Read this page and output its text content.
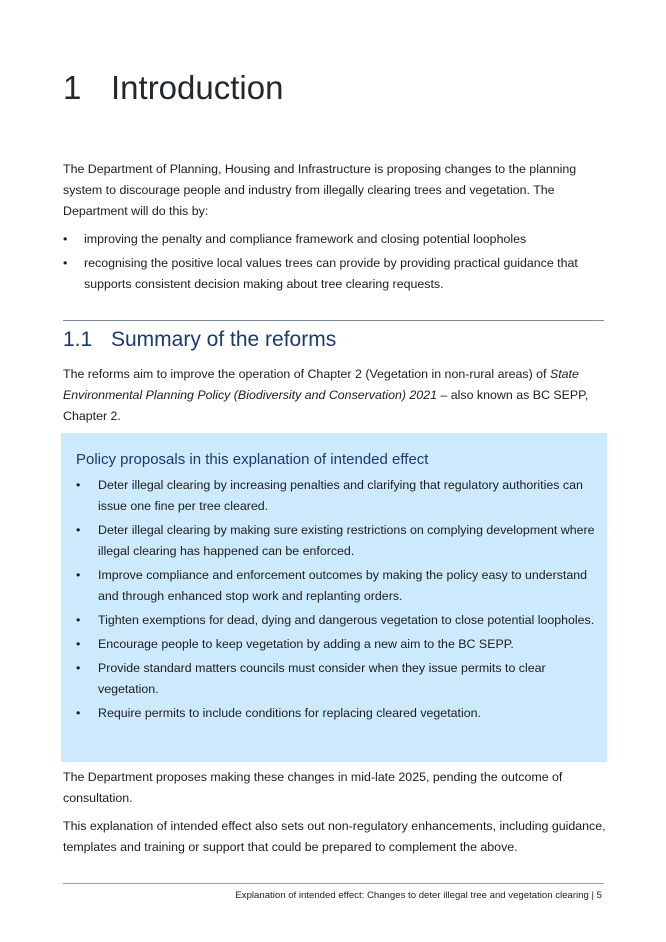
1 Introduction

The Department of Planning, Housing and Infrastructure is proposing changes to the planning system to discourage people and industry from illegally clearing trees and vegetation. The Department will do this by:

• improving the penalty and compliance framework and closing potential loopholes
• recognising the positive local values trees can provide by providing practical guidance that supports consistent decision making about tree clearing requests.
1.1 Summary of the reforms

The reforms aim to improve the operation of Chapter 2 (Vegetation in non-rural areas) of State Environmental Planning Policy (Biodiversity and Conservation) 2021 – also known as BC SEPP, Chapter 2.

Policy proposals in this explanation of intended effect
• Deter illegal clearing by increasing penalties and clarifying that regulatory authorities can issue one fine per tree cleared.
• Deter illegal clearing by making sure existing restrictions on complying development where illegal clearing has happened can be enforced.
• Improve compliance and enforcement outcomes by making the policy easy to understand and through enhanced stop work and replanting orders.
• Tighten exemptions for dead, dying and dangerous vegetation to close potential loopholes.
• Encourage people to keep vegetation by adding a new aim to the BC SEPP.
• Provide standard matters councils must consider when they issue permits to clear vegetation.
• Require permits to include conditions for replacing cleared vegetation.

The Department proposes making these changes in mid-late 2025, pending the outcome of consultation.

This explanation of intended effect also sets out non-regulatory enhancements, including guidance, templates and training or support that could be prepared to complement the above.

Explanation of intended effect: Changes to deter illegal tree and vegetation clearing | 5
